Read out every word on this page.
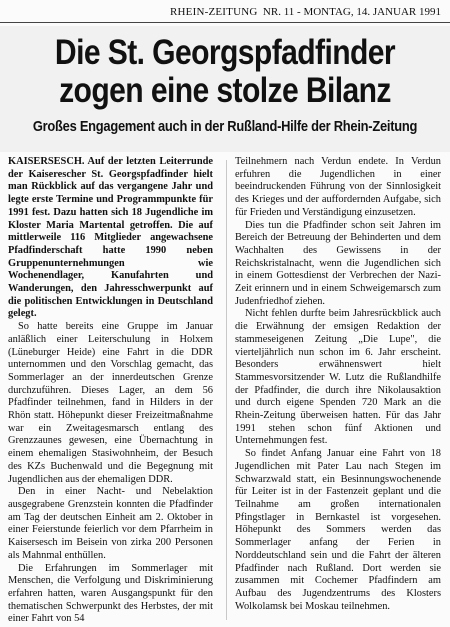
RHEIN-ZEITUNG NR. 11 - MONTAG, 14. JANUAR 1991
Die St. Georgspfadfinder
zogen eine stolze Bilanz
Großes Engagement auch in der Rußland-Hilfe der Rhein-Zeitung

KAISERSESCH. Auf der letzten Leiterrunde der Kaiserescher St. Georgspfadfinder hielt man Rückblick auf das vergangene Jahr und legte erste Termine und Programmpunkte für 1991 fest. Dazu hatten sich 18 Jugendliche im Kloster Maria Martental getroffen. Die auf mittlerweile 116 Mitglieder angewachsene Pfadfinderschaft hatte 1990 neben Gruppenunternehmungen wie Wochenendlager, Kanufahrten und Wanderungen, den Jahresschwerpunkt auf die politischen Entwicklungen in Deutschland gelegt.

So hatte bereits eine Gruppe im Januar anläßlich einer Leiterschulung in Holxem (Lüneburger Heide) eine Fahrt in die DDR unternommen und den Vorschlag gemacht, das Sommerlager an der innerdeutschen Grenze durchzuführen. Dieses Lager, an dem 56 Pfadfinder teilnehmen, fand in Hilders in der Rhön statt. Höhepunkt dieser Freizeitmaßnahme war ein Zweitagesmarsch entlang des Grenzzaunes gewesen, eine Übernachtung in einem ehemaligen Stasiwohnheim, der Besuch des KZs Buchenwald und die Begegnung mit Jugendlichen aus der ehemaligen DDR.

Den in einer Nacht- und Nebelaktion ausgegrabene Grenzstein konnten die Pfadfinder am Tag der deutschen Einheit am 2. Oktober in einer Feierstunde feierlich vor dem Pfarrheim in Kaisersesch im Beisein von zirka 200 Personen als Mahnmal enthüllen.

Die Erfahrungen im Sommerlager mit Menschen, die Verfolgung und Diskriminierung erfahren hatten, waren Ausgangspunkt für den thematischen Schwerpunkt des Herbstes, der mit einer Fahrt von 54

Teilnehmern nach Verdun endete. In Verdun erfuhren die Jugendlichen in einer beeindruckenden Führung von der Sinnlosigkeit des Krieges und der auffordernden Aufgabe, sich für Frieden und Verständigung einzusetzen.

Dies tun die Pfadfinder schon seit Jahren im Bereich der Betreuung der Behinderten und dem Wachhalten des Gewissens in der Reichskristalnacht, wenn die Jugendlichen sich in einem Gottesdienst der Verbrechen der Nazi-Zeit erinnern und in einem Schweigemarsch zum Judenfriedhof ziehen.

Nicht fehlen durfte beim Jahresrückblick auch die Erwähnung der emsigen Redaktion der stammeseigenen Zeitung „Die Lupe", die vierteljährlich nun schon im 6. Jahr erscheint. Besonders erwähnenswert hielt Stammesvorsitzender W. Lutz die Rußlandhilfe der Pfadfinder, die durch ihre Nikolausaktion und durch eigene Spenden 720 Mark an die Rhein-Zeitung überweisen hatten. Für das Jahr 1991 stehen schon fünf Aktionen und Unternehmungen fest.

So findet Anfang Januar eine Fahrt von 18 Jugendlichen mit Pater Lau nach Stegen im Schwarzwald statt, ein Besinnungswochenende für Leiter ist in der Fastenzeit geplant und die Teilnahme am großen internationalen Pfingstlager in Bernkastel ist vorgesehen. Höhepunkt des Sommers werden das Sommerlager anfang der Ferien in Norddeutschland sein und die Fahrt der älteren Pfadfinder nach Rußland. Dort werden sie zusammen mit Cochemer Pfadfindern am Aufbau des Jugendzentrums des Klosters Wolkolamsk bei Moskau teilnehmen.
